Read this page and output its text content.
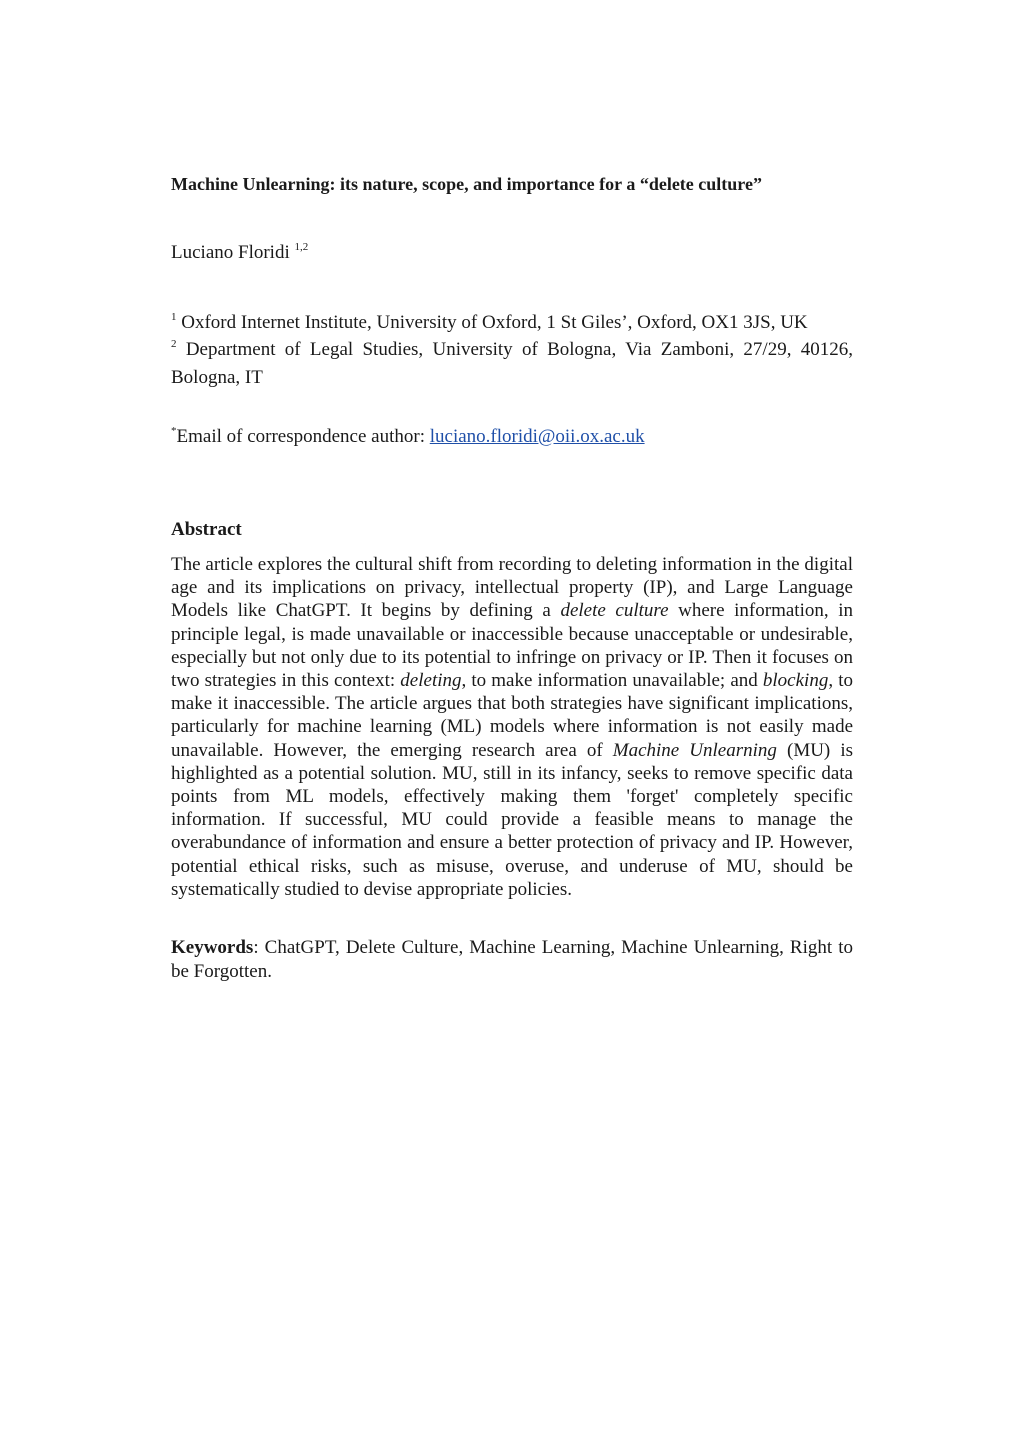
Machine Unlearning: its nature, scope, and importance for a “delete culture”
Luciano Floridi $^{1,2}$
$^1$ Oxford Internet Institute, University of Oxford, 1 St Giles’, Oxford, OX1 3JS, UK
$^2$ Department of Legal Studies, University of Bologna, Via Zamboni, 27/29, 40126, Bologna, IT
*Email of correspondence author: luciano.floridi@oii.ox.ac.uk
Abstract

The article explores the cultural shift from recording to deleting information in the digital age and its implications on privacy, intellectual property (IP), and Large Language Models like ChatGPT. It begins by defining a delete culture where information, in principle legal, is made unavailable or inaccessible because unacceptable or undesirable, especially but not only due to its potential to infringe on privacy or IP. Then it focuses on two strategies in this context: deleting, to make information unavailable; and blocking, to make it inaccessible. The article argues that both strategies have significant implications, particularly for machine learning (ML) models where information is not easily made unavailable. However, the emerging research area of Machine Unlearning (MU) is highlighted as a potential solution. MU, still in its infancy, seeks to remove specific data points from ML models, effectively making them 'forget' completely specific information. If successful, MU could provide a feasible means to manage the overabundance of information and ensure a better protection of privacy and IP. However, potential ethical risks, such as misuse, overuse, and underuse of MU, should be systematically studied to devise appropriate policies.

Keywords: ChatGPT, Delete Culture, Machine Learning, Machine Unlearning, Right to be Forgotten.
